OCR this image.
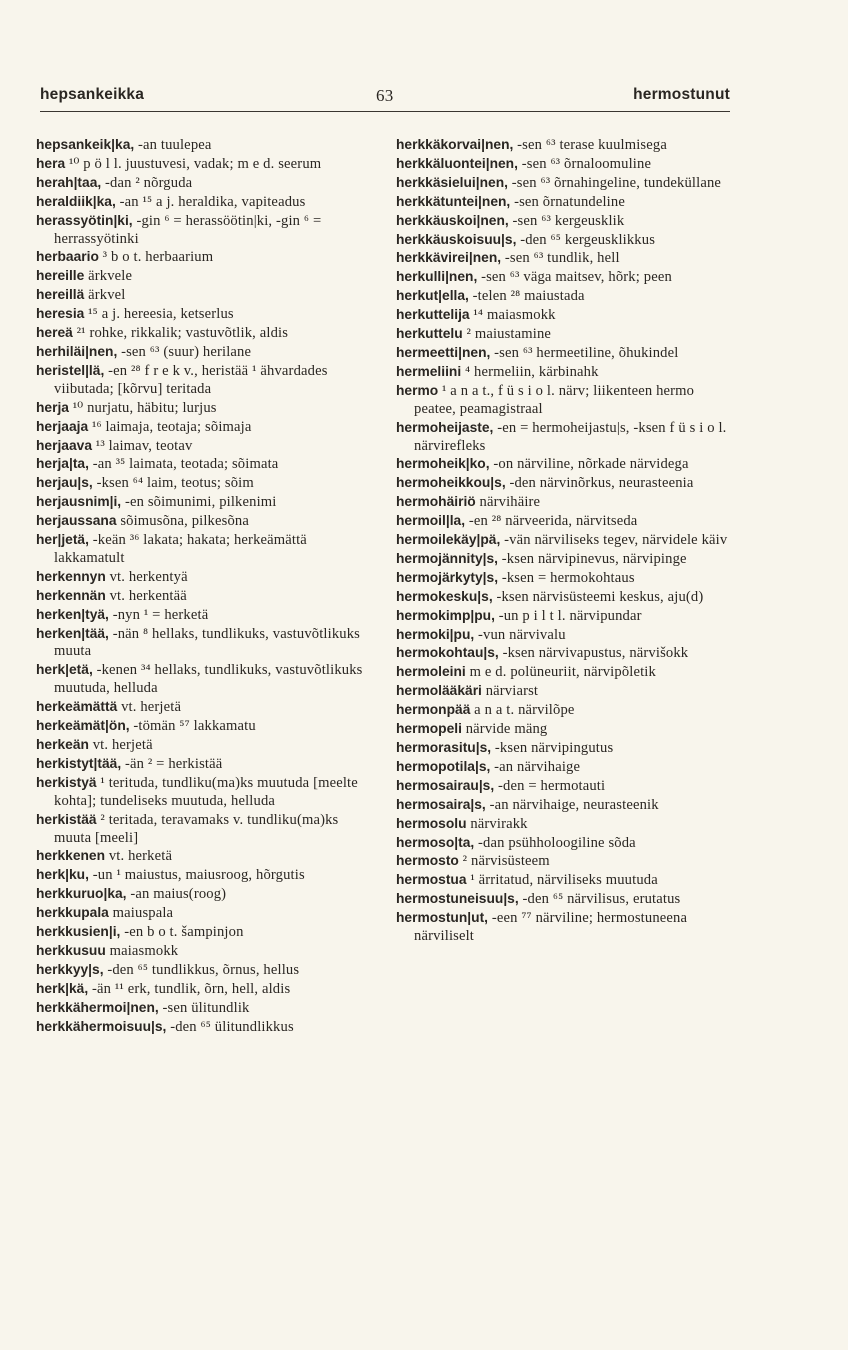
hepsankeikka	63	hermostunut
hepsankeik|ka, -an tuulepea
hera ¹⁰ p ö l l. juustuvesi, vadak; m e d. seerum
herah|taa, -dan ² nõrguda
heraldiik|ka, -an ¹⁵ a j. heraldika, vapiteadus
herassyötin|ki, -gin ⁶ = herassöötin|ki, -gin ⁶ = herrassyötinki
herbaario ³ b o t. herbaarium
hereille ärkvele
hereillä ärkvel
heresia ¹⁵ a j. hereesia, ketserlus
hereä ²¹ rohke, rikkalik; vastuvõtlik, aldis
herhiläi|nen, -sen ⁶³ (suur) herilane
heristel|lä, -en ²⁸ f r e k v., heristää ¹ ähvardades viibutada; [kõrvu] teritada
herja ¹⁰ nurjatu, häbitu; lurjus
herjaaja ¹⁶ laimaja, teotaja; sõimaja
herjaava ¹³ laimav, teotav
herja|ta, -an ³⁵ laimata, teotada; sõimata
herjau|s, -ksen ⁶⁴ laim, teotus; sõim
herjausnim|i, -en sõimunimi, pilkenimi
herjaussana sõimusõna, pilkesõna
her|jetä, -keän ³⁶ lakata; hakata; herkeämättä lakkamatult
herkennyn vt. herkentyä
herkennän vt. herkentää
herken|tyä, -nyn ¹ = herketä
herken|tää, -nän ⁸ hellaks, tundlikuks, vastuvõtlikuks muuta
herk|etä, -kenen ³⁴ hellaks, tundlikuks, vastuvõtlikuks muutuda, helluda
herkeämättä vt. herjetä
herkeämät|ön, -tömän ⁵⁷ lakkamatu
herkeän vt. herjetä
herkistyt|tää, -än ² = herkistää
herkistyä ¹ terituda, tundliku(ma)ks muutuda [meelte kohta]; tundeliseks muutuda, helluda
herkistää ² teritada, teravamaks v. tundliku(ma)ks muuta [meeli]
herkkenen vt. herketä
herk|ku, -un ¹ maiustus, maiusroog, hõrgutis
herkkuruo|ka, -an maius(roog)
herkkupala maiuspala
herkkusien|i, -en b o t. šampinjon
herkkusuu maiasmokk
herkkyy|s, -den ⁶⁵ tundlikkus, õrnus, hellus
herk|kä, -än ¹¹ erk, tundlik, õrn, hell, aldis
herkkähermoi|nen, -sen ülitundlik
herkkähermoisuu|s, -den ⁶⁵ ülitundlikkus
herkkäkorvai|nen, -sen ⁶³ terase kuulmisega
herkkäluontei|nen, -sen ⁶³ õrnaloomuline
herkkäsielui|nen, -sen ⁶³ õrnahingeline, tundeküllane
herkkätuntei|nen, -sen õrnatundeline
herkkäuskoi|nen, -sen ⁶³ kergeusklik
herkkäuskoisuu|s, -den ⁶⁵ kergeusklikkus
herkkävirei|nen, -sen ⁶³ tundlik, hell
herkulli|nen, -sen ⁶³ väga maitsev, hõrk; peen
herkut|ella, -telen ²⁸ maiustada
herkuttelija ¹⁴ maiasmokk
herkuttelu ² maiustamine
hermeetti|nen, -sen ⁶³ hermeetiline, õhukindel
hermeliini ⁴ hermeliin, kärbinahk
hermo ¹ a n a t., f ü s i o l. närv; liikenteen hermo peatee, peamagistraal
hermoheijaste, -en = hermoheijastu|s, -ksen f ü s i o l. närvirefleks
hermoheik|ko, -on närviline, nõrkade närvidega
hermoheikkou|s, -den närvinõrkus, neurasteenia
hermohäiriö närvihäire
hermoil|la, -en ²⁸ närveerida, närvitseda
hermoilekäy|pä, -vän närviliseks tegev, närvidele käiv
hermojännity|s, -ksen närvipinevus, närvipinge
hermojärkyty|s, -ksen = hermokohtaus
hermokesku|s, -ksen närvisüsteemi keskus, aju(d)
hermokimp|pu, -un p i l t l. närvipundar
hermoki|pu, -vun närvivalu
hermokohtau|s, -ksen närvivapustus, närvišokk
hermoleini m e d. polüneuriit, närvipõletik
hermolääkäri närviarst
hermonpää a n a t. närvilõpe
hermopeli närvide mäng
hermorasitu|s, -ksen närvipingutus
hermopotila|s, -an närvihaige
hermosairau|s, -den = hermotauti
hermosaira|s, -an närvihaige, neurasteenik
hermosolu närvirakk
hermoso|ta, -dan psühholoogiline sõda
hermosto ² närvisüsteem
hermostua ¹ ärritatud, närviliseks muutuda
hermostuneisuu|s, -den ⁶⁵ närvilisus, erutatus
hermostun|ut, -een ⁷⁷ närviline; hermostuneena närviliselt
